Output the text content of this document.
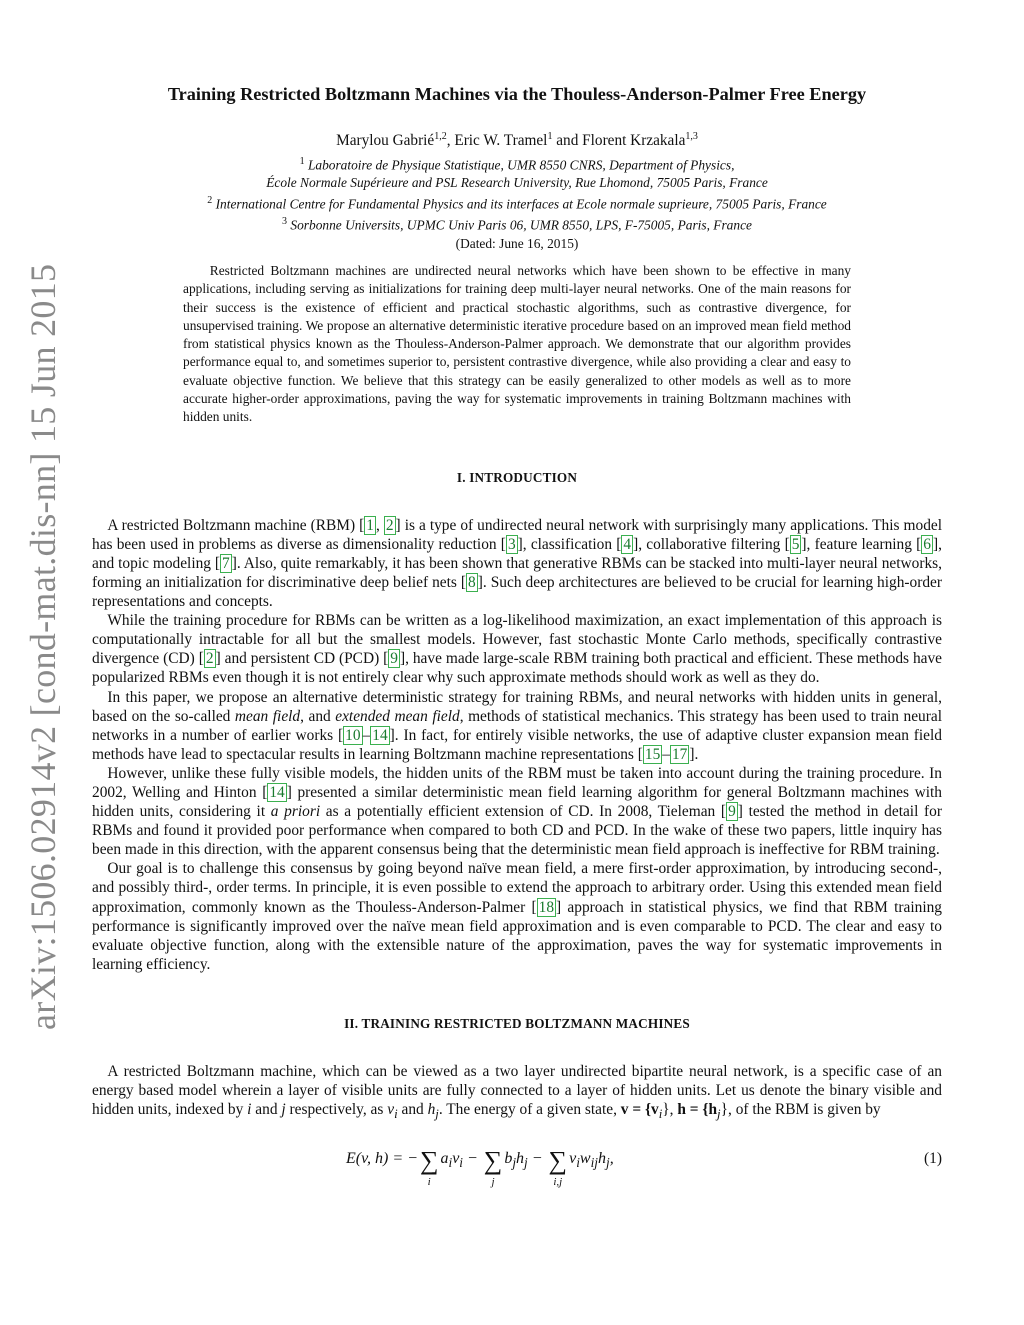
arXiv:1506.02914v2 [cond-mat.dis-nn] 15 Jun 2015
Training Restricted Boltzmann Machines via the Thouless-Anderson-Palmer Free Energy

Marylou Gabrié$^{1,2}$, Eric W. Tramel$^1$ and Florent Krzakala$^{1,3}$

$^1$ Laboratoire de Physique Statistique, UMR 8550 CNRS, Department of Physics,

École Normale Supérieure and PSL Research University, Rue Lhomond, 75005 Paris, France

$^2$ International Centre for Fundamental Physics and its interfaces at Ecole normale suprieure, 75005 Paris, France

$^3$ Sorbonne Universits, UPMC Univ Paris 06, UMR 8550, LPS, F-75005, Paris, France

(Dated: June 16, 2015)

Restricted Boltzmann machines are undirected neural networks which have been shown to be effective in many applications, including serving as initializations for training deep multi-layer neural networks. One of the main reasons for their success is the existence of efficient and practical stochastic algorithms, such as contrastive divergence, for unsupervised training. We propose an alternative deterministic iterative procedure based on an improved mean field method from statistical physics known as the Thouless-Anderson-Palmer approach. We demonstrate that our algorithm provides performance equal to, and sometimes superior to, persistent contrastive divergence, while also providing a clear and easy to evaluate objective function. We believe that this strategy can be easily generalized to other models as well as to more accurate higher-order approximations, paving the way for systematic improvements in training Boltzmann machines with hidden units.

I. INTRODUCTION

A restricted Boltzmann machine (RBM) [ 1 , 2 ] is a type of undirected neural network with surprisingly many applications. This model has been used in problems as diverse as dimensionality reduction [ 3 ], classification [ 4 ], collaborative filtering [ 5 ], feature learning [ 6 ], and topic modeling [ 7 ]. Also, quite remarkably, it has been shown that generative RBMs can be stacked into multi-layer neural networks, forming an initialization for discriminative deep belief nets [ 8 ]. Such deep architectures are believed to be crucial for learning high-order representations and concepts.

While the training procedure for RBMs can be written as a log-likelihood maximization, an exact implementation of this approach is computationally intractable for all but the smallest models. However, fast stochastic Monte Carlo methods, specifically contrastive divergence (CD) [ 2 ] and persistent CD (PCD) [ 9 ], have made large-scale RBM training both practical and efficient. These methods have popularized RBMs even though it is not entirely clear why such approximate methods should work as well as they do.

In this paper, we propose an alternative deterministic strategy for training RBMs, and neural networks with hidden units in general, based on the so-called mean field, and extended mean field, methods of statistical mechanics. This strategy has been used to train neural networks in a number of earlier works [ 10 – 14 ]. In fact, for entirely visible networks, the use of adaptive cluster expansion mean field methods have lead to spectacular results in learning Boltzmann machine representations [ 15 – 17 ].

However, unlike these fully visible models, the hidden units of the RBM must be taken into account during the training procedure. In 2002, Welling and Hinton [ 14 ] presented a similar deterministic mean field learning algorithm for general Boltzmann machines with hidden units, considering it a priori as a potentially efficient extension of CD. In 2008, Tieleman [ 9 ] tested the method in detail for RBMs and found it provided poor performance when compared to both CD and PCD. In the wake of these two papers, little inquiry has been made in this direction, with the apparent consensus being that the deterministic mean field approach is ineffective for RBM training.

Our goal is to challenge this consensus by going beyond naïve mean field, a mere first-order approximation, by introducing second-, and possibly third-, order terms. In principle, it is even possible to extend the approach to arbitrary order. Using this extended mean field approximation, commonly known as the Thouless-Anderson-Palmer [ 18 ] approach in statistical physics, we find that RBM training performance is significantly improved over the naïve mean field approximation and is even comparable to PCD. The clear and easy to evaluate objective function, along with the extensible nature of the approximation, paves the way for systematic improvements in learning efficiency.

II. TRAINING RESTRICTED BOLTZMANN MACHINES

A restricted Boltzmann machine, which can be viewed as a two layer undirected bipartite neural network, is a specific case of an energy based model wherein a layer of visible units are fully connected to a layer of hidden units. Let us denote the binary visible and hidden units, indexed by i and j respectively, as $v_i$ and $h_j$. The energy of a given state, $v = \{v_i\}$, $h = \{h_j\}$, of the RBM is given by

E(v, h) = − ∑
i
$a_iv_i$ − ∑
j
$b_jh_j$ − ∑
i,j
$v_iw_{ij}h_j$,	(1)
